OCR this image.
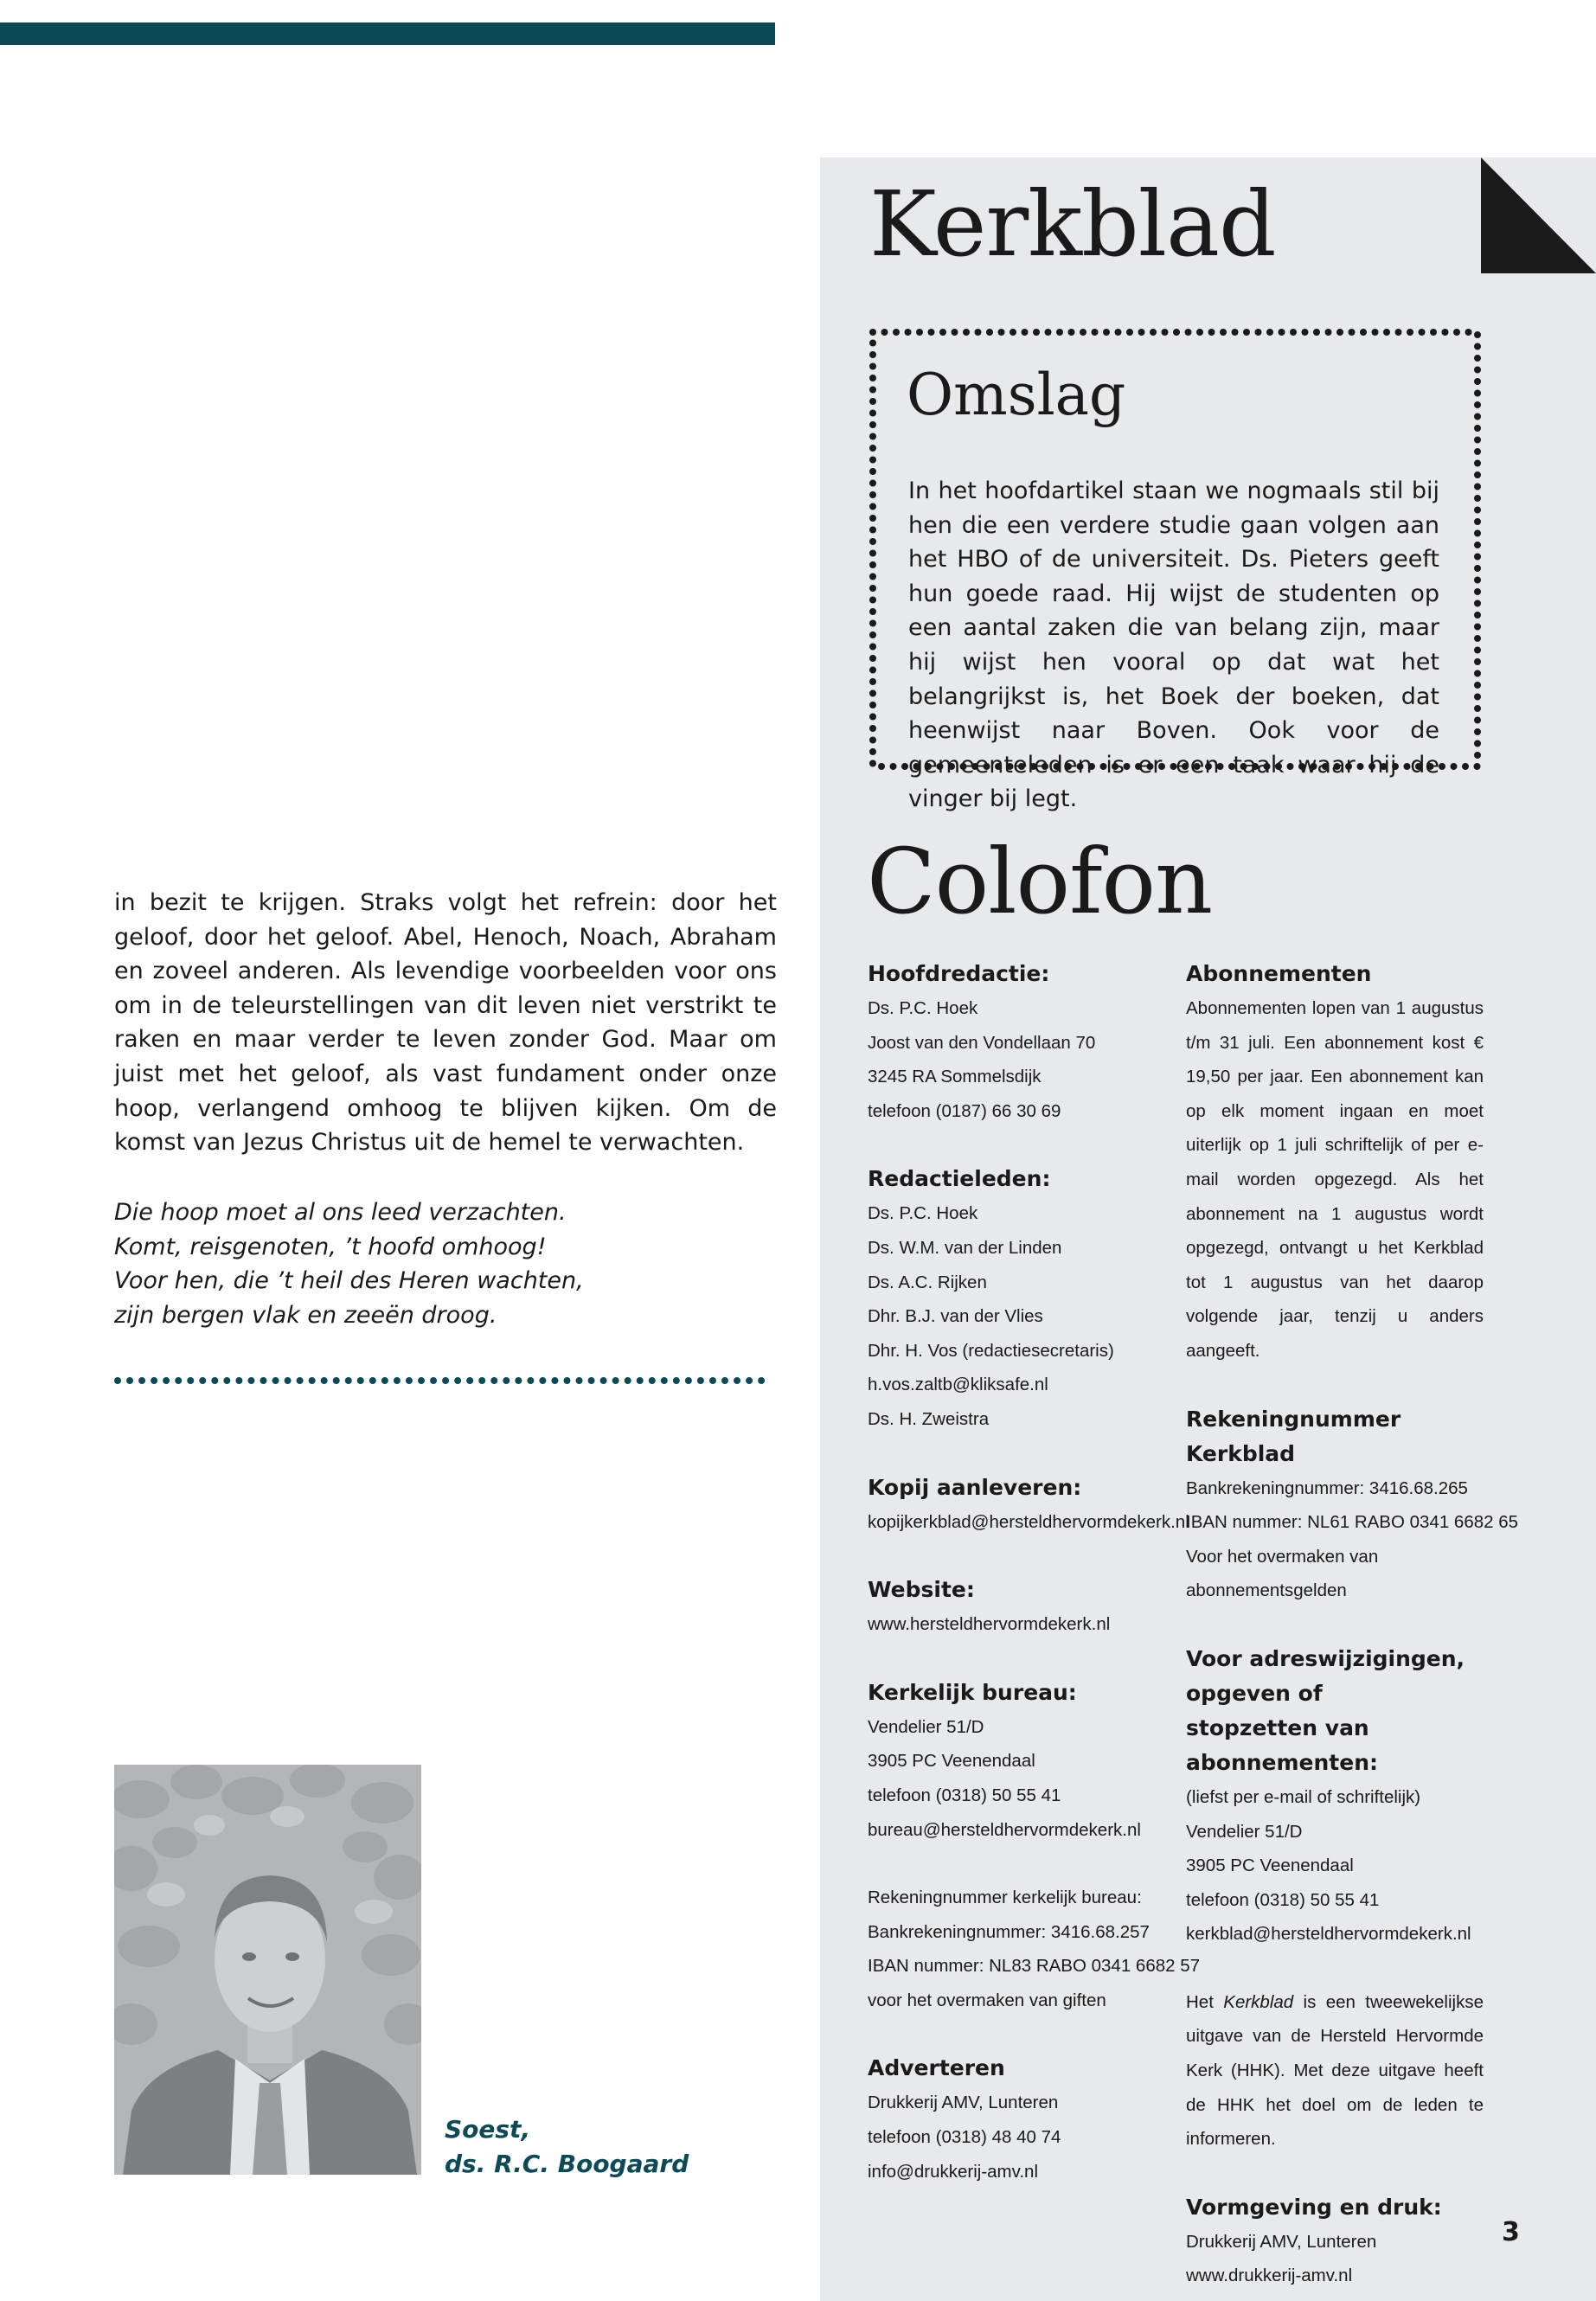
Kerkblad
Omslag

In het hoofdartikel staan we nogmaals stil bij hen die een verdere studie gaan volgen aan het HBO of de universiteit. Ds. Pieters geeft hun goede raad. Hij wijst de studenten op een aantal zaken die van belang zijn, maar hij wijst hen vooral op dat wat het belangrijkst is, het Boek der boeken, dat heenwijst naar Boven. Ook voor de gemeenteleden is er een taak waar hij de vinger bij legt.

in bezit te krijgen. Straks volgt het refrein: door het geloof, door het geloof. Abel, Henoch, Noach, Abraham en zoveel anderen. Als levendige voorbeelden voor ons om in de teleurstellingen van dit leven niet verstrikt te raken en maar verder te leven zonder God. Maar om juist met het geloof, als vast fundament onder onze hoop, verlangend omhoog te blijven kijken. Om de komst van Jezus Christus uit de hemel te verwachten.

Die hoop moet al ons leed verzachten.
Komt, reisgenoten, ’t hoofd omhoog!
Voor hen, die ’t heil des Heren wachten,
zijn bergen vlak en zeeën droog.

Soest,
ds. R.C. Boogaard

Colofon
Hoofdredactie:
Ds. P.C. Hoek
Joost van den Vondellaan 70
3245 RA Sommelsdijk
telefoon (0187) 66 30 69
Redactieleden:
Ds. P.C. Hoek
Ds. W.M. van der Linden
Ds. A.C. Rijken
Dhr. B.J. van der Vlies
Dhr. H. Vos (redactiesecretaris)
h.vos.zaltb@kliksafe.nl
Ds. H. Zweistra
Kopij aanleveren:
kopijkerkblad@hersteldhervormdekerk.nl
Website:
www.hersteldhervormdekerk.nl
Kerkelijk bureau:
Vendelier 51/D
3905 PC Veenendaal
telefoon (0318) 50 55 41
bureau@hersteldhervormdekerk.nl
Rekeningnummer kerkelijk bureau:
Bankrekeningnummer: 3416.68.257
IBAN nummer: NL83 RABO 0341 6682 57
voor het overmaken van giften
Adverteren
Drukkerij AMV, Lunteren
telefoon (0318) 48 40 74
info@drukkerij-amv.nl
Abonnementen
Abonnementen lopen van 1 augustus t/m 31 juli. Een abonnement kost € 19,50 per jaar. Een abonnement kan op elk moment ingaan en moet uiterlijk op 1 juli schriftelijk of per e-mail worden opgezegd. Als het abonnement na 1 augustus wordt opgezegd, ontvangt u het Kerkblad tot 1 augustus van het daarop volgende jaar, tenzij u anders aangeeft.
Rekeningnummer Kerkblad
Bankrekeningnummer: 3416.68.265
IBAN nummer: NL61 RABO 0341 6682 65
Voor het overmaken van
abonnementsgelden
Voor adreswijzigingen,
opgeven of
stopzetten van
abonnementen:
(liefst per e-mail of schriftelijk)
Vendelier 51/D
3905 PC Veenendaal
telefoon (0318) 50 55 41
kerkblad@hersteldhervormdekerk.nl
Het Kerkblad is een tweewekelijkse uitgave van de Hersteld Hervormde Kerk (HHK). Met deze uitgave heeft de HHK het doel om de leden te informeren.
Vormgeving en druk:
Drukkerij AMV, Lunteren
www.drukkerij-amv.nl
3
